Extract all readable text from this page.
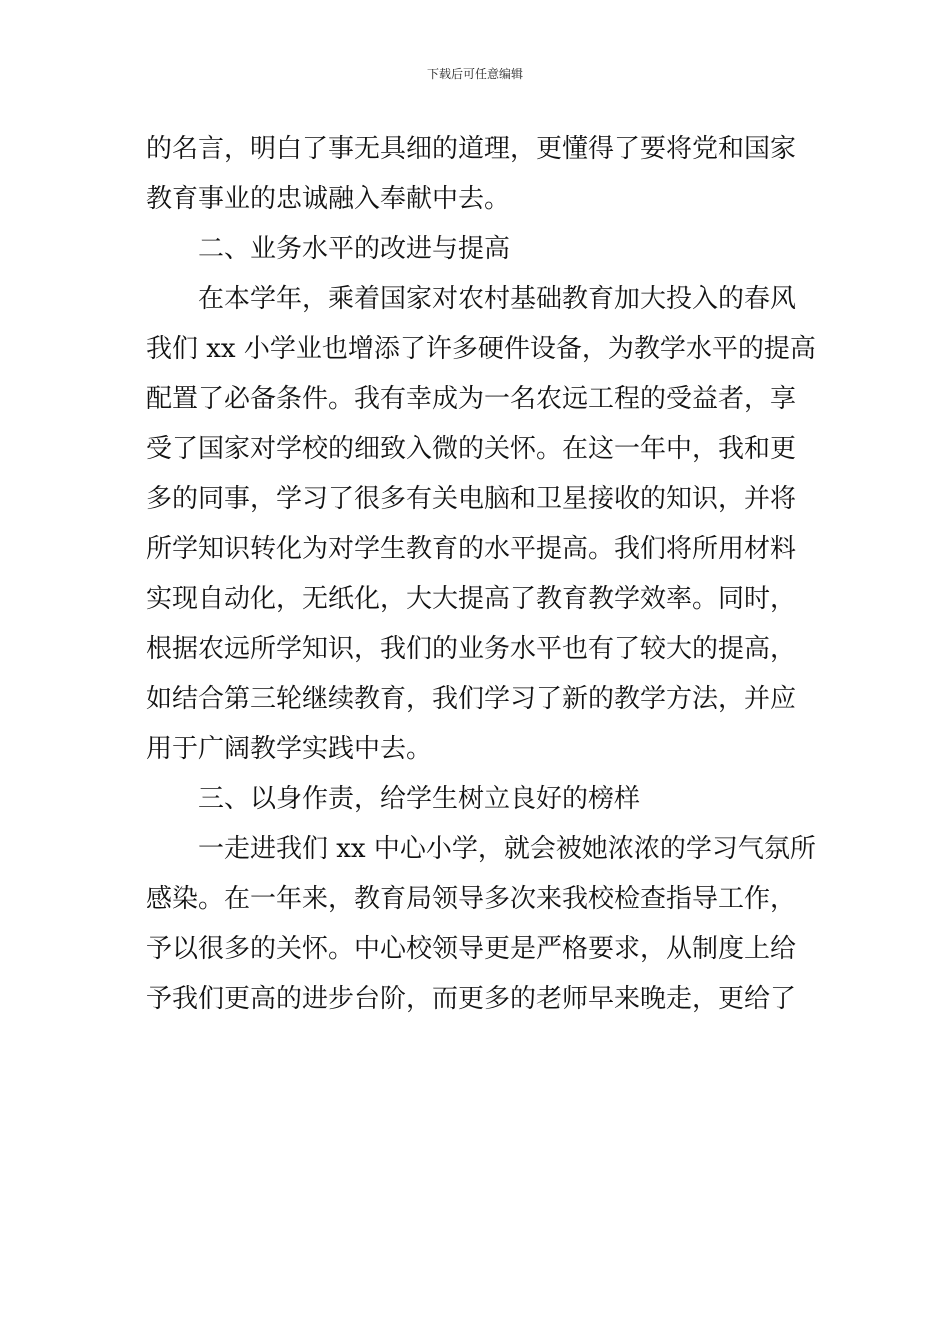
下载后可任意编辑

的名言，明白了事无具细的道理，更懂得了要将党和国家
教育事业的忠诚融入奉献中去。

二、业务水平的改进与提高

在本学年，乘着国家对农村基础教育加大投入的春风
我们 xx 小学业也增添了许多硬件设备，为教学水平的提高
配置了必备条件。我有幸成为一名农远工程的受益者，享
受了国家对学校的细致入微的关怀。在这一年中，我和更
多的同事，学习了很多有关电脑和卫星接收的知识，并将
所学知识转化为对学生教育的水平提高。我们将所用材料
实现自动化，无纸化，大大提高了教育教学效率。同时，
根据农远所学知识，我们的业务水平也有了较大的提高，
如结合第三轮继续教育，我们学习了新的教学方法，并应
用于广阔教学实践中去。

三、以身作责，给学生树立良好的榜样

一走进我们 xx 中心小学，就会被她浓浓的学习气氛所
感染。在一年来，教育局领导多次来我校检查指导工作，
予以很多的关怀。中心校领导更是严格要求，从制度上给
予我们更高的进步台阶，而更多的老师早来晚走，更给了
